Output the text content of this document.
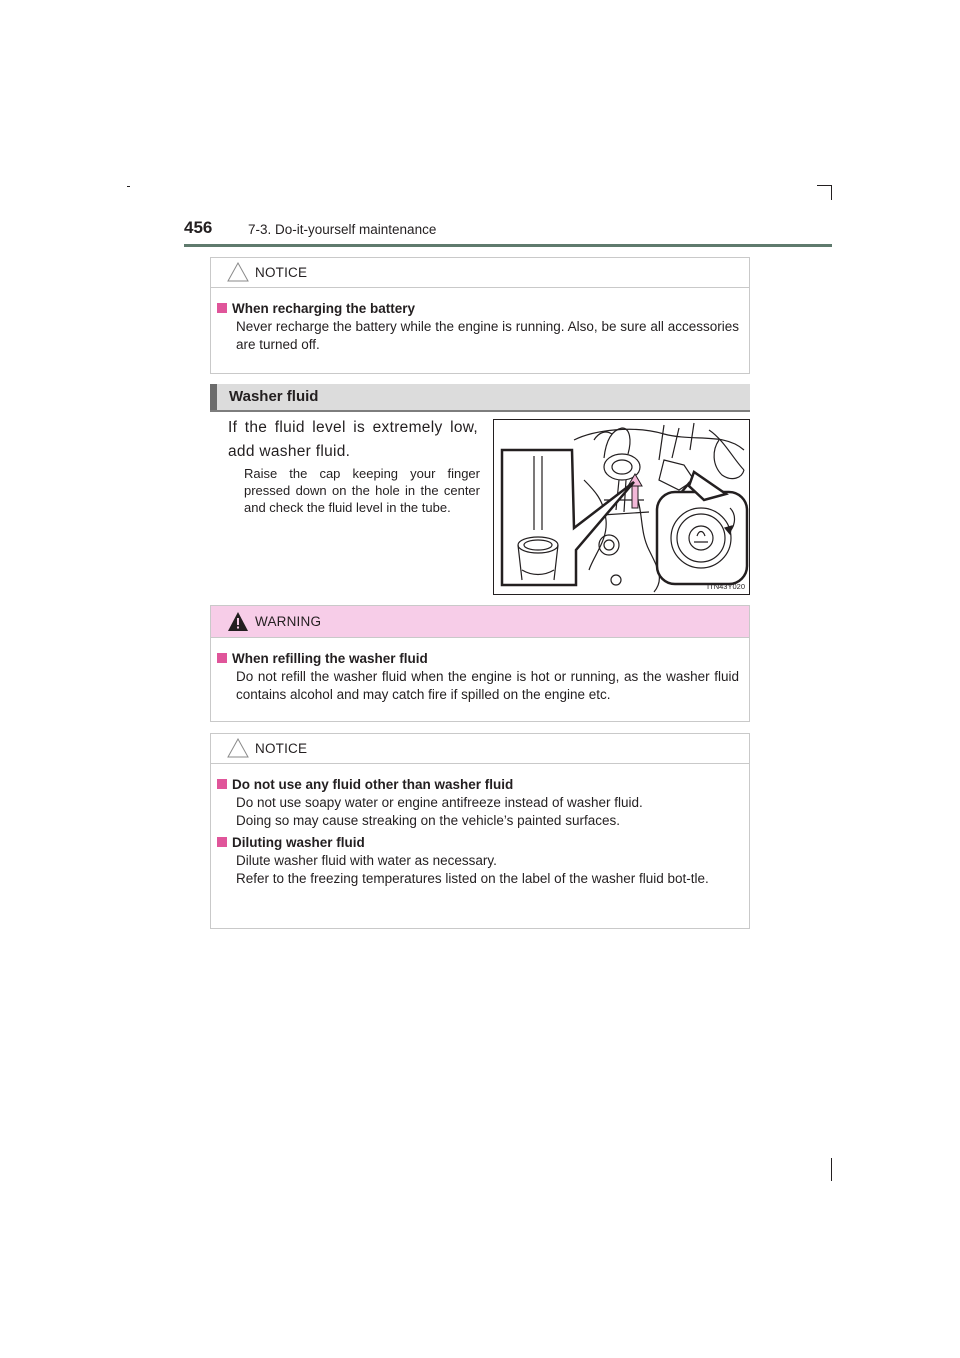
456	7-3. Do-it-yourself maintenance
NOTICE
When recharging the battery
Never recharge the battery while the engine is running. Also, be sure all accessories are turned off.
Washer fluid
If the fluid level is extremely low, add washer fluid.
Raise the cap keeping your finger pressed down on the hole in the center and check the fluid level in the tube.
ITN43Y020
WARNING
When refilling the washer fluid
Do not refill the washer fluid when the engine is hot or running, as the washer fluid contains alcohol and may catch fire if spilled on the engine etc.
NOTICE
Do not use any fluid other than washer fluid
Do not use soapy water or engine antifreeze instead of washer fluid.
Doing so may cause streaking on the vehicle’s painted surfaces.
Diluting washer fluid
Dilute washer fluid with water as necessary.
Refer to the freezing temperatures listed on the label of the washer fluid bot-tle.
